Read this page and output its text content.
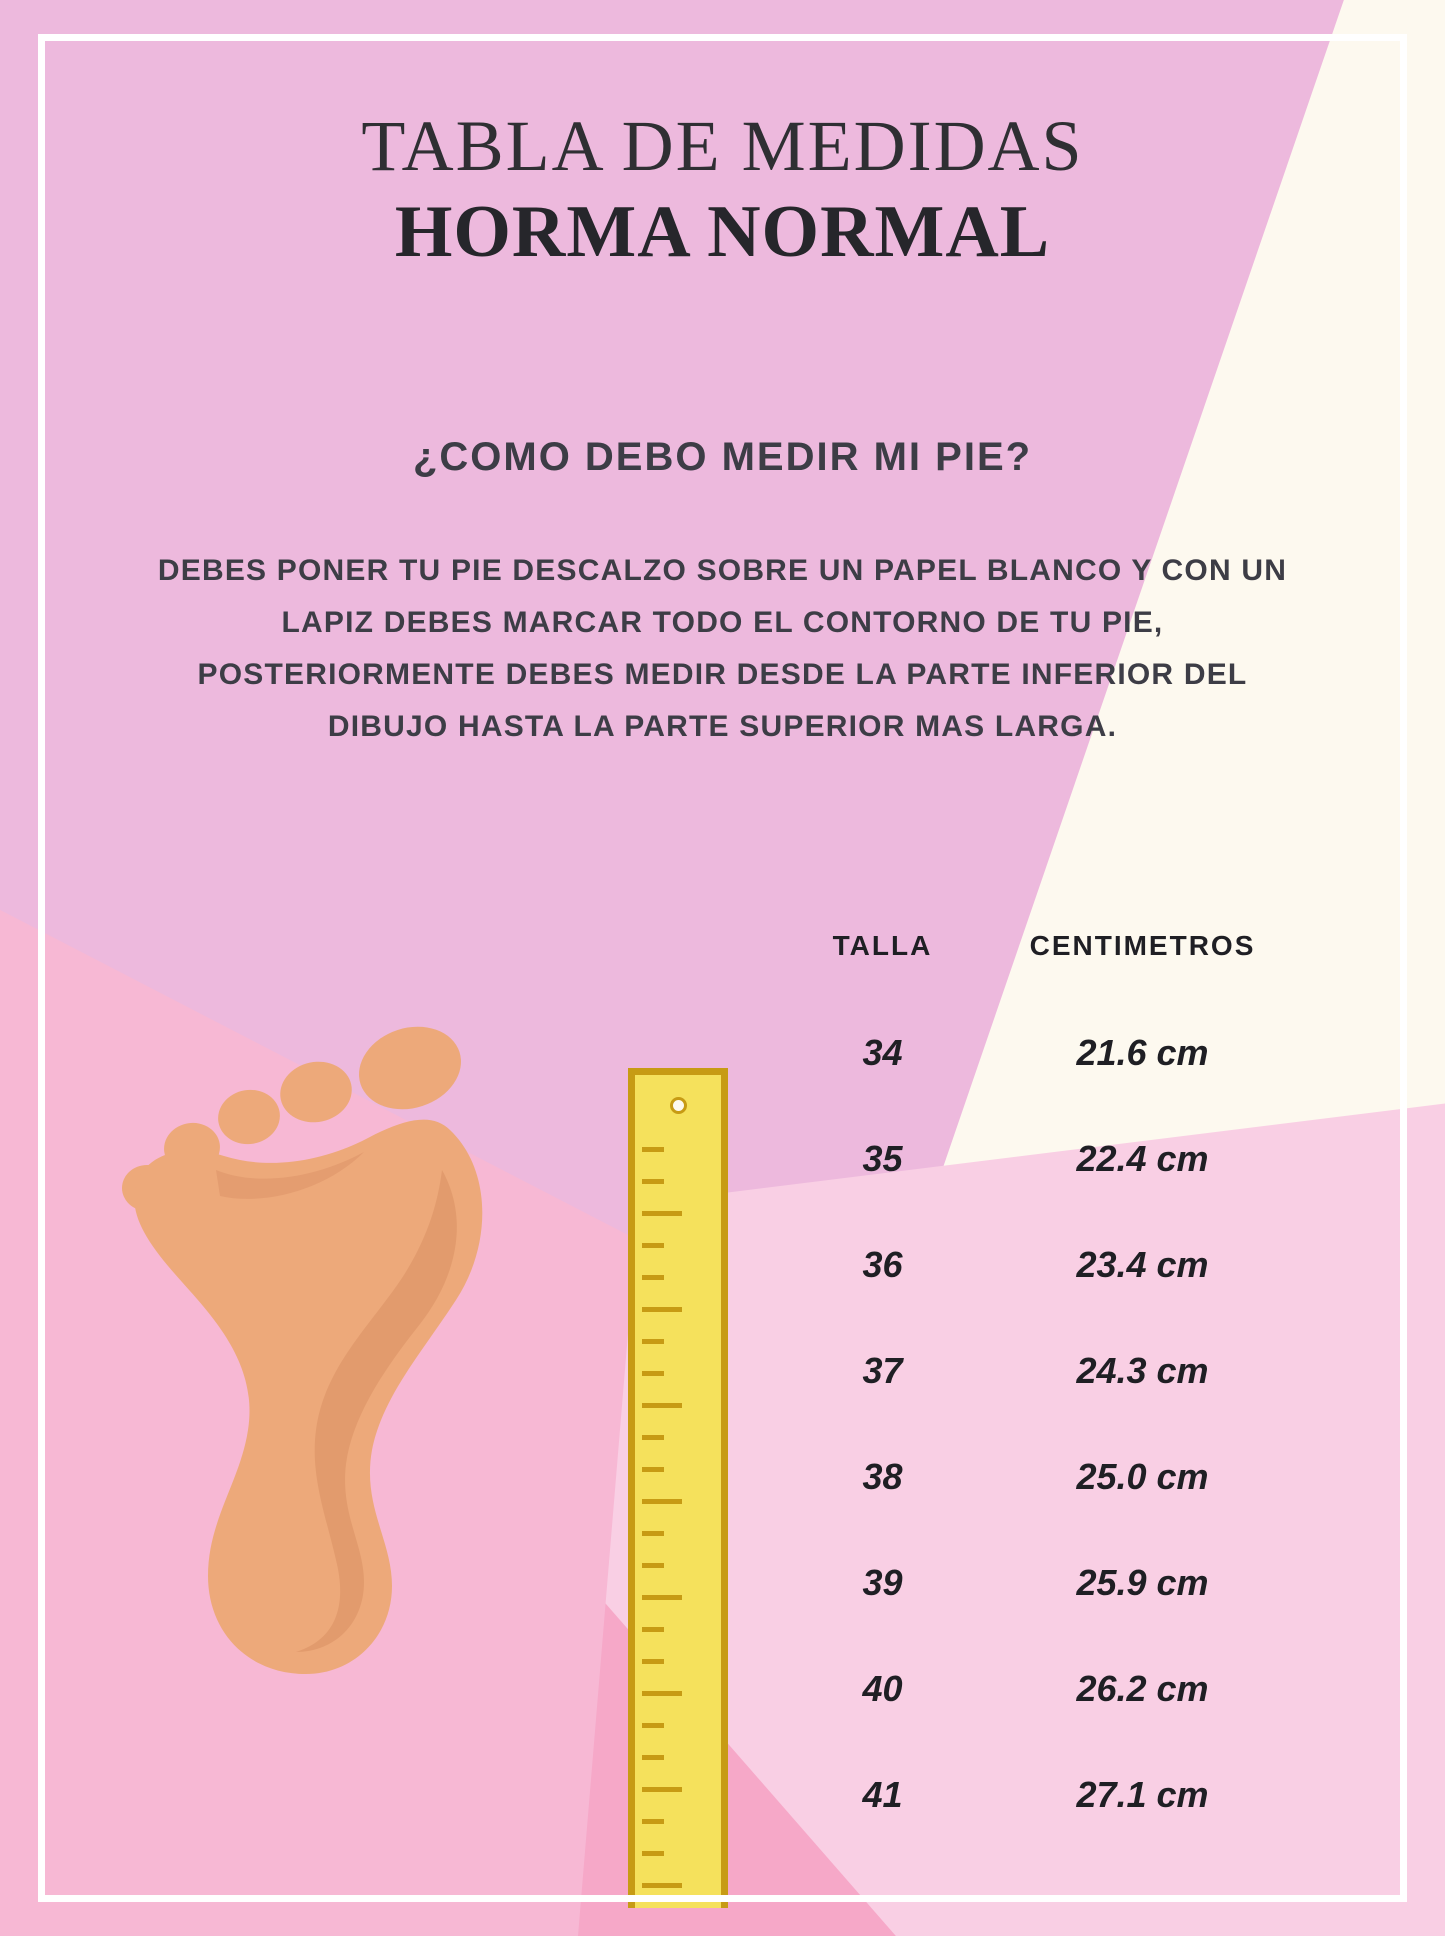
TABLA DE MEDIDAS
HORMA NORMAL
¿COMO DEBO MEDIR MI PIE?
DEBES PONER TU PIE DESCALZO SOBRE UN PAPEL BLANCO Y CON UN LAPIZ DEBES MARCAR TODO EL CONTORNO DE TU PIE, POSTERIORMENTE DEBES MEDIR DESDE LA PARTE INFERIOR DEL DIBUJO HASTA LA PARTE SUPERIOR MAS LARGA.
TALLA	CENTIMETROS
34	21.6 cm
35	22.4 cm
36	23.4 cm
37	24.3 cm
38	25.0 cm
39	25.9 cm
40	26.2 cm
41	27.1 cm
